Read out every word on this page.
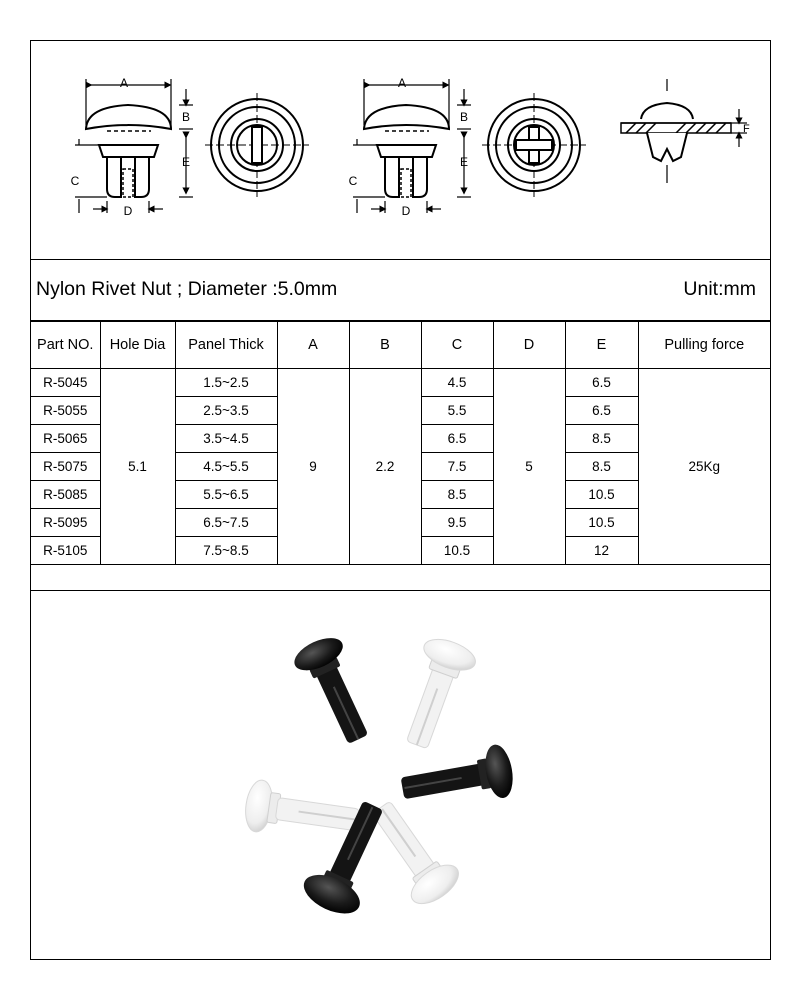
A
B
E
C
D
A
B
E
C
D
F
Nylon Rivet Nut ; Diameter :5.0mm	Unit:mm
Part NO.	Hole Dia	Panel Thick	A	B	C	D	E	Pulling force
R-5045	5.1	1.5~2.5	9	2.2	4.5	5	6.5	25Kg
R-5055		2.5~3.5			5.5		6.5	
R-5065		3.5~4.5			6.5		8.5	
R-5075		4.5~5.5			7.5		8.5	
R-5085		5.5~6.5			8.5		10.5	
R-5095		6.5~7.5			9.5		10.5	
R-5105		7.5~8.5			10.5		12	
